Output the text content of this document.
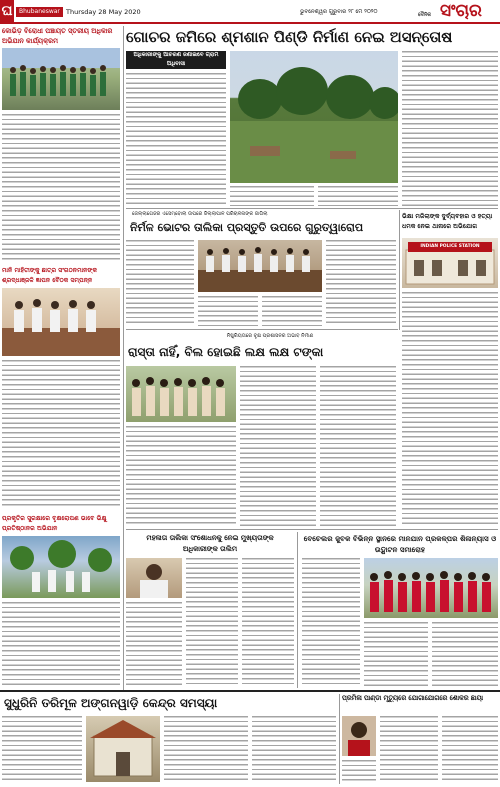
ଘ	Bhubaneswar Thursday 28 May 2020	ଭୁବନେଶ୍ୱର ଗୁରୁବାର ୨୮ ମେ ୨୦୨୦	ଦୈନିକ ସଂଚାର
ଗୋଚର ଜମିରେ ଶ୍ମଶାନ ପିଣ୍ଡି ନିର୍ମାଣ ନେଇ ଅସନ୍ତୋଷ
କୋଭିଡ଼ ବିରୋଧୀ ପଞ୍ଚାୟତ ସ୍ତରୀୟ ଅଧିକାର ଅଭିଯାନ କାର୍ଯ୍ୟକ୍ରମ
ମାନି ମାହିତୀଙ୍କୁ ଛାତ୍ର ସଂଗଠନମାନଙ୍କ ଶ୍ରଦ୍ଧାଞ୍ଜଳି ଜ୍ଞାପନ ବୈଠକ ସମ୍ପନ୍ନ
ପ୍ରକୃତିର ସୁରକ୍ଷାରେ ବୃକ୍ଷରୋପଣ ଭାବେ ଭିକ୍ଷୁ ପ୍ରତିଷ୍ଠାନର ଅଭିଯାନ
ଅଧିକାରୀଙ୍କୁ ଆଚରଣ ଜଣାଇବେ ଗ୍ରାମ ଅଧିବାସୀ
ଜେଲ୍ଲାଗେଜର ଏସେମ୍ବୋଲା ଉପରେ ଜିଲ୍ଲାପାଳ ପରିଚାଳନାଙ୍କ ଜାଗିଲା
ନିର୍ମଳ ଭୋଟର ତାଲିକା ପ୍ରସ୍ତୁତି ଉପରେ ଗୁରୁତ୍ୱାରୋପ
ଭିକ୍ଷା ମଜିଲାଙ୍କ ଦୁର୍ବ୍ୟବହାର ଓ ହତ୍ୟା ଧମକ ନେଇ ଥାନାରେ ଅଭିଯୋଗ
INDIAN POLICE STATION
ନିଷ୍କ୍ରିୟତାରେ ବୃକ୍ଷ ପ୍ରଶାସନର ଅଭାବ ନିର୍ମାଣ
ରାସ୍ତା ନାହିଁ, ବିଲ ହୋଇଛି ଲକ୍ଷ ଲକ୍ଷ ଟଙ୍କା
ମହଳାତା ତାଲିକା ସଂଶୋଧନକୁ ନେଇ ମୁଖ୍ୟତାଙ୍କ ଅଧିକାରୀଙ୍କ ତାଲିମ
ବେଚେଲର ଜୁବକ ବିଭିନ୍ନ ସ୍ଥାନରେ ମାନଯାନ ପ୍ରକଳ୍ପର ଶିଳାନ୍ୟାସ ଓ ଉଦ୍ଘାଟନ ସମାରୋହ
ସୁଧୁରିନି ତରିମୂଳ ଅଙ୍ଗନୱାଡ଼ି କେନ୍ଦ୍ର ସମସ୍ୟା	ପ୍ରମିଳା ପାଣ୍ଡା ମୃତ୍ୟୁରେ ଯୋଗାଯୋଗରେ ଶୋକର ଛାୟା
